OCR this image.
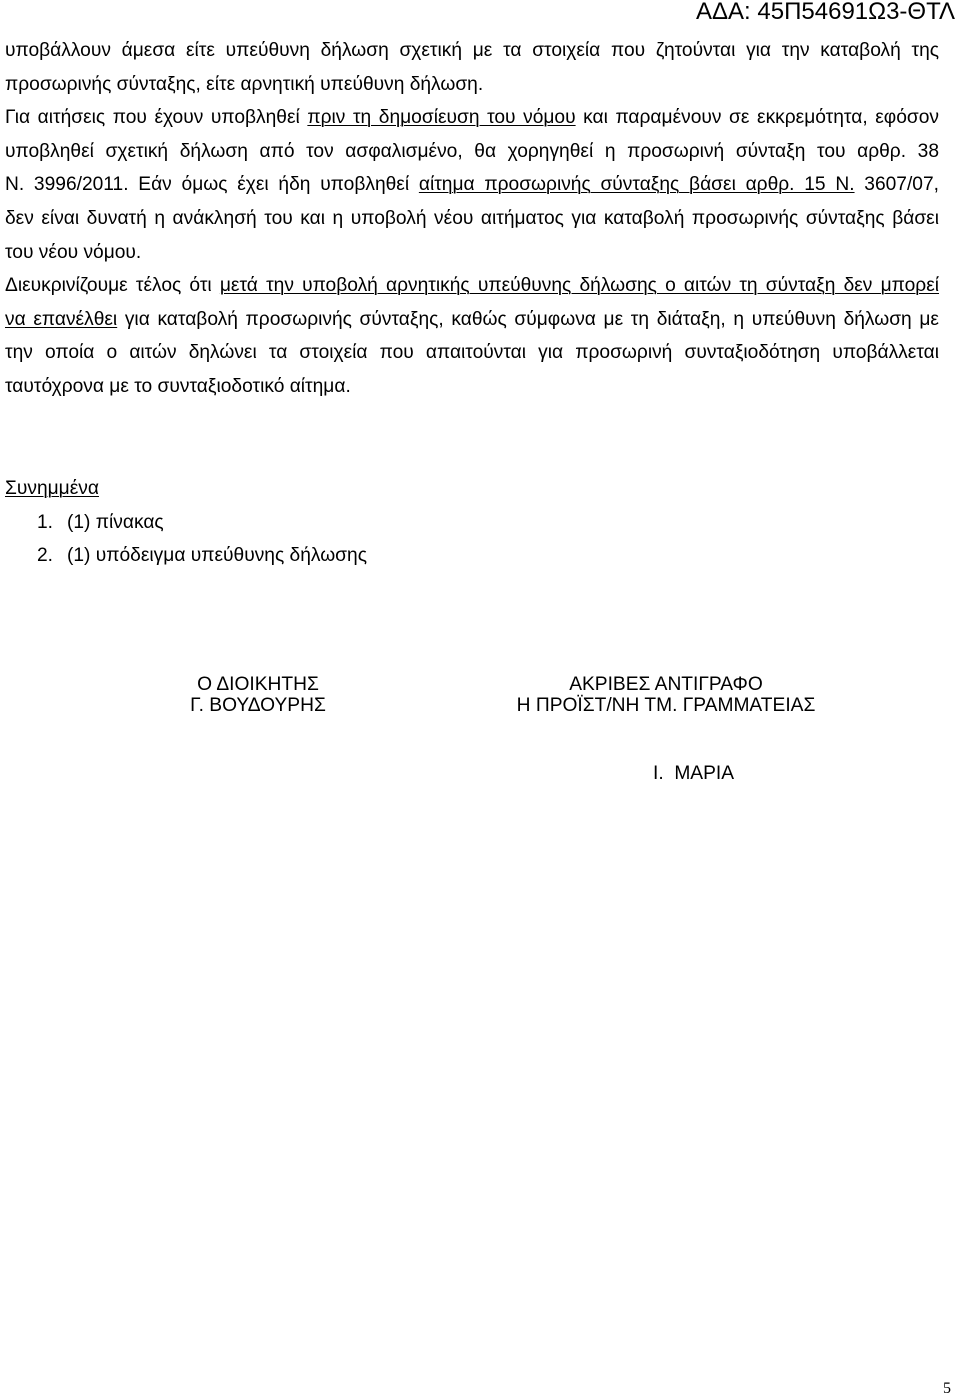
ΑΔΑ: 45Π54691Ω3-ΘΤΛ
υποβάλλουν άμεσα είτε υπεύθυνη δήλωση σχετική με τα στοιχεία που ζητούνται για την καταβολή της
προσωρινής σύνταξης, είτε αρνητική υπεύθυνη δήλωση.
Για αιτήσεις που έχουν υποβληθεί πριν τη δημοσίευση του νόμου και παραμένουν σε εκκρεμότητα, εφόσον
υποβληθεί σχετική δήλωση από τον ασφαλισμένο, θα χορηγηθεί η προσωρινή σύνταξη του αρθρ. 38
Ν. 3996/2011. Εάν όμως έχει ήδη υποβληθεί αίτημα προσωρινής σύνταξης βάσει αρθρ. 15 Ν. 3607/07,
δεν είναι δυνατή η ανάκλησή του και η υποβολή νέου αιτήματος για καταβολή προσωρινής σύνταξης βάσει
του νέου νόμου.
Διευκρινίζουμε τέλος ότι μετά την υποβολή αρνητικής υπεύθυνης δήλωσης ο αιτών τη σύνταξη δεν μπορεί
να επανέλθει για καταβολή προσωρινής σύνταξης, καθώς σύμφωνα με τη διάταξη, η υπεύθυνη δήλωση με
την οποία ο αιτών δηλώνει τα στοιχεία που απαιτούνται για προσωρινή συνταξιοδότηση υποβάλλεται
ταυτόχρονα με το συνταξιοδοτικό αίτημα.
Συνημμένα
1. (1) πίνακας
2. (1) υπόδειγμα υπεύθυνης δήλωσης
Ο ΔΙΟΙΚΗΤΗΣ
Γ. ΒΟΥΔΟΥΡΗΣ
ΑΚΡΙΒΕΣ ΑΝΤΙΓΡΑΦΟ
Η ΠΡΟΪΣΤ/ΝΗ ΤΜ. ΓΡΑΜΜΑΤΕΙΑΣ
Ι.  ΜΑΡΙΑ
5
